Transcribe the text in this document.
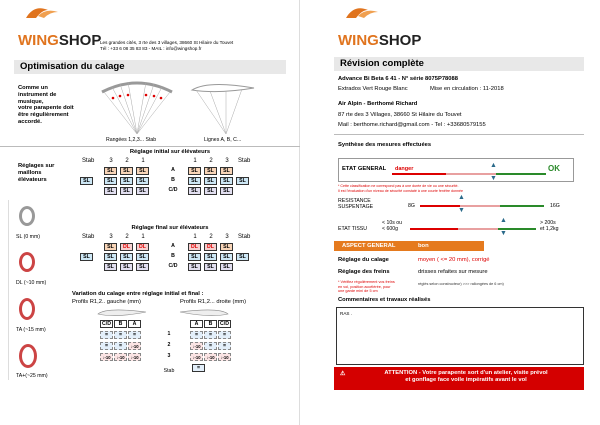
WINGSHOP
Les grandes cités, 3 rte des 3 villages, 38660 St Hilaire du Touvet
Tél : +33 6 08 35 83 83 - MAIL : info@wingshop.fr
Optimisation du calage
Comme un
instrument de
musique,
votre parapente doit
être régulièrement
accordé.
Rangées 1,2,3... Stab	Lignes A, B, C...
Réglages sur
maillons
élévateurs
SL (0 mm)
DL (~10 mm)
TA (~15 mm)
TA+(~25 mm)
Réglage initial sur élévateurs
Stab	3	2	1	1	2	3	Stab
A
SL	SL	SL	SL	SL	SL
B
SL	SL	SL	SL	SL	SL	SL	SL
C/D
SL	SL	SL	SL	SL	SL
Réglage final sur élévateurs
Stab	3	2	1	1	2	3	Stab
A
SL	DL	DL	DL	DL	SL
B
SL	SL	SL	SL	SL	SL	SL	SL
C/D
SL	SL	SL	SL	SL	SL
Variation du calage entre réglage initial et final :
Profils R1,2.. gauche (mm)	Profils R1,2... droite (mm)
C/D	B	A	A	B	C/D
1
=	=	=	=	=	=
2
=	=	↓-10	↓-10	=	=
3
↓-10	↓-10	↓-10	↓-10	↓-10	↓-10
Stab	=
WINGSHOP
Révision complète
Advance Bi Beta 6 41 - N° série 8075P78088
Extrados Vert Rouge Blanc	Mise en circulation : 11-2018
Air Alpin - Berthomé Richard
87 rte des 3 Villages, 38660 St Hilaire du Touvet
Mail : berthome.richard@gmail.com - Tel : +33680579155
Synthèse des mesures effectuées
ETAT GENERAL danger	▲
▼
OK
* Cette classification ne correspond pas à une durée de vie ou une sécurité.
Il est l'évaluation d'un niveau de sécurité constaté à une courte fenêtre donnée
RESISTANCE
SUSPENTAGE	8G
▲
▼
16G
ETAT TISSU
< 10s ou
< 600g
▲
▼
> 200s
et 1,2kg
ASPECT GENERAL	bon
Réglage du calage	moyen ( <= 20 mm), corrigé
Réglage des freins	drisses refaites sur mesure
* Vérifiez régulièrement vos freins
en vol, position accélérée, pour
une garde mini de 5 cm
réglés selon constructeur) >>> rallongées de 6 cm)
Commentaires et travaux réalisés
RAS .
⚠	ATTENTION - Votre parapente sort d'un atelier, visite prévol
et gonflage face voile impératifs avant le vol
